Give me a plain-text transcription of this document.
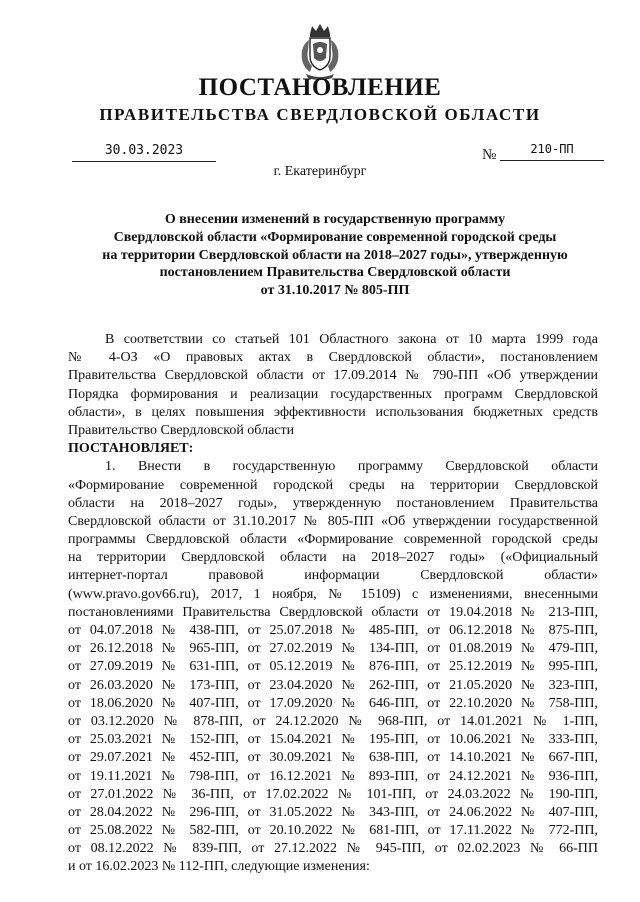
ПОСТАНОВЛЕНИЕ
ПРАВИТЕЛЬСТВА СВЕРДЛОВСКОЙ ОБЛАСТИ
30.03.2023	№	210-ПП
г. Екатеринбург
О внесении изменений в государственную программу
Свердловской области «Формирование современной городской среды
на территории Свердловской области на 2018–2027 годы», утвержденную
постановлением Правительства Свердловской области
от 31.10.2017 № 805-ПП
В соответствии со статьей 101 Областного закона от 10 марта 1999 года
№ 4-ОЗ «О правовых актах в Свердловской области», постановлением
Правительства Свердловской области от 17.09.2014 № 790-ПП «Об утверждении
Порядка формирования и реализации государственных программ Свердловской
области», в целях повышения эффективности использования бюджетных средств
Правительство Свердловской области
ПОСТАНОВЛЯЕТ:
1. Внести в государственную программу Свердловской области
«Формирование современной городской среды на территории Свердловской
области на 2018–2027 годы», утвержденную постановлением Правительства
Свердловской области от 31.10.2017 № 805-ПП «Об утверждении государственной
программы Свердловской области «Формирование современной городской среды
на территории Свердловской области на 2018–2027 годы» («Официальный
интернет-портал правовой информации Свердловской области»
(www.pravo.gov66.ru), 2017, 1 ноября, № 15109) с изменениями, внесенными
постановлениями Правительства Свердловской области от 19.04.2018 № 213-ПП,
от 04.07.2018 № 438-ПП, от 25.07.2018 № 485-ПП, от 06.12.2018 № 875-ПП,
от 26.12.2018 № 965-ПП, от 27.02.2019 № 134-ПП, от 01.08.2019 № 479-ПП,
от 27.09.2019 № 631-ПП, от 05.12.2019 № 876-ПП, от 25.12.2019 № 995-ПП,
от 26.03.2020 № 173-ПП, от 23.04.2020 № 262-ПП, от 21.05.2020 № 323-ПП,
от 18.06.2020 № 407-ПП, от 17.09.2020 № 646-ПП, от 22.10.2020 № 758-ПП,
от 03.12.2020 № 878-ПП, от 24.12.2020 № 968-ПП, от 14.01.2021 № 1-ПП,
от 25.03.2021 № 152-ПП, от 15.04.2021 № 195-ПП, от 10.06.2021 № 333-ПП,
от 29.07.2021 № 452-ПП, от 30.09.2021 № 638-ПП, от 14.10.2021 № 667-ПП,
от 19.11.2021 № 798-ПП, от 16.12.2021 № 893-ПП, от 24.12.2021 № 936-ПП,
от 27.01.2022 № 36-ПП, от 17.02.2022 № 101-ПП, от 24.03.2022 № 190-ПП,
от 28.04.2022 № 296-ПП, от 31.05.2022 № 343-ПП, от 24.06.2022 № 407-ПП,
от 25.08.2022 № 582-ПП, от 20.10.2022 № 681-ПП, от 17.11.2022 № 772-ПП,
от 08.12.2022 № 839-ПП, от 27.12.2022 № 945-ПП, от 02.02.2023 № 66-ПП
и от 16.02.2023 № 112-ПП, следующие изменения:
